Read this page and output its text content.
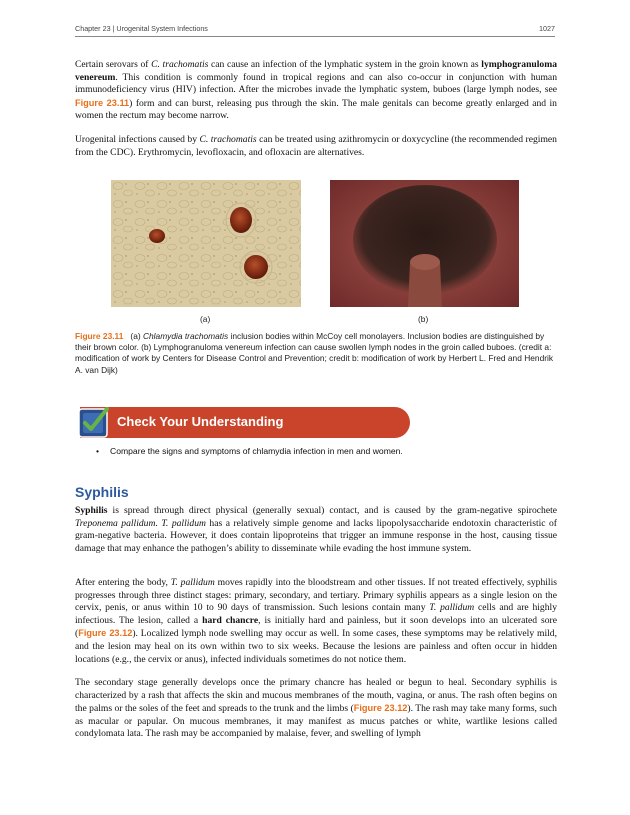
Chapter 23 | Urogenital System Infections	1027

Certain serovars of C. trachomatis can cause an infection of the lymphatic system in the groin known as lymphogranuloma venereum. This condition is commonly found in tropical regions and can also co-occur in conjunction with human immunodeficiency virus (HIV) infection. After the microbes invade the lymphatic system, buboes (large lymph nodes, see Figure 23.11) form and can burst, releasing pus through the skin. The male genitals can become greatly enlarged and in women the rectum may become narrow.

Urogenital infections caused by C. trachomatis can be treated using azithromycin or doxycycline (the recommended regimen from the CDC). Erythromycin, levofloxacin, and ofloxacin are alternatives.

(a)	(b)

Figure 23.11 (a) Chlamydia trachomatis inclusion bodies within McCoy cell monolayers. Inclusion bodies are distinguished by their brown color. (b) Lymphogranuloma venereum infection can cause swollen lymph nodes in the groin called buboes. (credit a: modification of work by Centers for Disease Control and Prevention; credit b: modification of work by Herbert L. Fred and Hendrik A. van Dijk)

Check Your Understanding
• Compare the signs and symptoms of chlamydia infection in men and women.
Syphilis

Syphilis is spread through direct physical (generally sexual) contact, and is caused by the gram-negative spirochete Treponema pallidum. T. pallidum has a relatively simple genome and lacks lipopolysaccharide endotoxin characteristic of gram-negative bacteria. However, it does contain lipoproteins that trigger an immune response in the host, causing tissue damage that may enhance the pathogen’s ability to disseminate while evading the host immune system.

After entering the body, T. pallidum moves rapidly into the bloodstream and other tissues. If not treated effectively, syphilis progresses through three distinct stages: primary, secondary, and tertiary. Primary syphilis appears as a single lesion on the cervix, penis, or anus within 10 to 90 days of transmission. Such lesions contain many T. pallidum cells and are highly infectious. The lesion, called a hard chancre, is initially hard and painless, but it soon develops into an ulcerated sore (Figure 23.12). Localized lymph node swelling may occur as well. In some cases, these symptoms may be relatively mild, and the lesion may heal on its own within two to six weeks. Because the lesions are painless and often occur in hidden locations (e.g., the cervix or anus), infected individuals sometimes do not notice them.

The secondary stage generally develops once the primary chancre has healed or begun to heal. Secondary syphilis is characterized by a rash that affects the skin and mucous membranes of the mouth, vagina, or anus. The rash often begins on the palms or the soles of the feet and spreads to the trunk and the limbs (Figure 23.12). The rash may take many forms, such as macular or papular. On mucous membranes, it may manifest as mucus patches or white, wartlike lesions called condylomata lata. The rash may be accompanied by malaise, fever, and swelling of lymph
